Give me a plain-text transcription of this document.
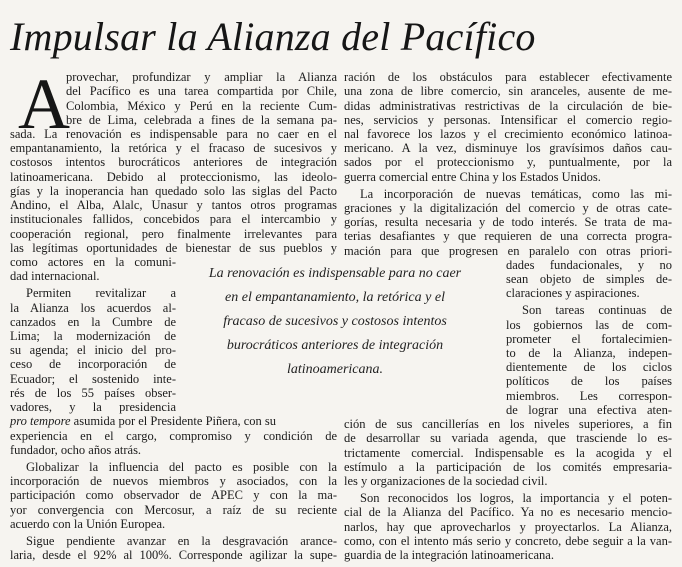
Impulsar la Alianza del Pacífico
A
provechar, profundizar y ampliar la Alianza
del Pacífico es una tarea compartida por Chile,
Colombia, México y Perú en la reciente Cum-
bre de Lima, celebrada a fines de la semana pa-
sada. La renovación es indispensable para no caer en el
empantanamiento, la retórica y el fracaso de sucesivos y
costosos intentos burocráticos anteriores de integración
latinoamericana. Debido al proteccionismo, las ideolo-
gías y la inoperancia han quedado solo las siglas del Pacto
Andino, el Alba, Alalc, Unasur y tantos otros programas
institucionales fallidos, concebidos para el intercambio y
cooperación regional, pero finalmente irrelevantes para
las legítimas oportunidades de bienestar de sus pueblos y
como actores en la comuni-
dad internacional.
Permiten revitalizar a
la Alianza los acuerdos al-
canzados en la Cumbre de
Lima; la modernización de
su agenda; el inicio del pro-
ceso de incorporación de
Ecuador; el sostenido inte-
rés de los 55 países obser-
vadores, y la presidencia
pro tempore asumida por el Presidente Piñera, con su
experiencia en el cargo, compromiso y condición de
fundador, ocho años atrás.
Globalizar la influencia del pacto es posible con la
incorporación de nuevos miembros y asociados, con la
participación como observador de APEC y con la ma-
yor convergencia con Mercosur, a raíz de su reciente
acuerdo con la Unión Europea.
Sigue pendiente avanzar en la desgravación arance-
laria, desde el 92% al 100%. Corresponde agilizar la supe-
ración de los obstáculos para establecer efectivamente
una zona de libre comercio, sin aranceles, ausente de me-
didas administrativas restrictivas de la circulación de bie-
nes, servicios y personas. Intensificar el comercio regio-
nal favorece los lazos y el crecimiento económico latinoa-
mericano. A la vez, disminuye los gravísimos daños cau-
sados por el proteccionismo y, puntualmente, por la
guerra comercial entre China y los Estados Unidos.
La incorporación de nuevas temáticas, como las mi-
graciones y la digitalización del comercio y de otras cate-
gorías, resulta necesaria y de todo interés. Se trata de ma-
terias desafiantes y que requieren de una correcta progra-
mación para que progresen en paralelo con otras priori-
dades fundacionales, y no
sean objeto de simples de-
claraciones y aspiraciones.
Son tareas continuas de
los gobiernos las de com-
prometer el fortalecimien-
to de la Alianza, indepen-
dientemente de los ciclos
políticos de los países
miembros. Les correspon-
de lograr una efectiva aten-
ción de sus cancillerías en los niveles superiores, a fin
de desarrollar su variada agenda, que trasciende lo es-
trictamente comercial. Indispensable es la acogida y el
estímulo a la participación de los comités empresaria-
les y organizaciones de la sociedad civil.
Son reconocidos los logros, la importancia y el poten-
cial de la Alianza del Pacífico. Ya no es necesario mencio-
narlos, hay que aprovecharlos y proyectarlos. La Alianza,
como, con el intento más serio y concreto, debe seguir a la van-
guardia de la integración latinoamericana.
La renovación es indispensable para no caer
en el empantanamiento, la retórica y el
fracaso de sucesivos y costosos intentos
burocráticos anteriores de integración
latinoamericana.
